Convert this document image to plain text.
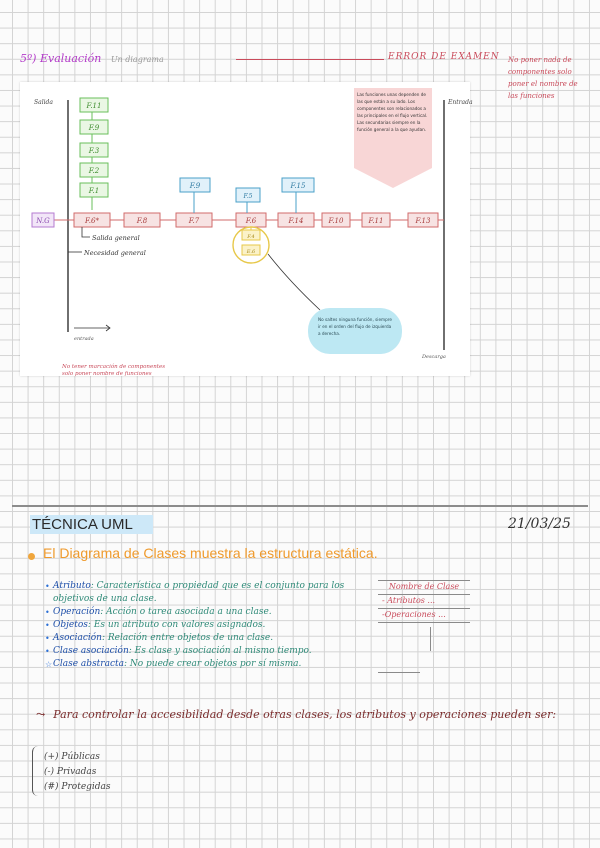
5º) Evaluación Un diagrama	ERROR DE EXAMEN No poner nada de componentes solo poner el nombre de las funciones
Salida	Entrada
F.11
F.9
F.3
F.2
F.1
N.G	F.6*	F.8	F.7	F.6	F.14	F.10	F.11	F.13
F.9
F.5
F.15
F.4
E.6
Salida general
Necesidad general
entrada
Descarga
Las funciones unas dependen de las que están a su lado. Los componentes son relacionados a las principales en el flujo vertical. Las secundarias siempre en la función general a la que ayudan.
No saltes ninguna función, siempre ir en el orden del flujo de izquierda a derecha.
No tener marcación de componentes
solo poner nombre de funciones
TÉCNICA UML	21/03/25
El Diagrama de Clases muestra la estructura estática.
• Atributo: Característica o propiedad que es el conjunto para los objetivos de una clase.
• Operación: Acción o tarea asociada a una clase.
• Objetos: Es un atributo con valores asignados.
• Asociación: Relación entre objetos de una clase.
• Clase asociación: Es clase y asociación al mismo tiempo.
☆ Clase abstracta: No puede crear objetos por sí misma.
Nombre de Clase
- Atributos ...
-Operaciones ...
⤳ Para controlar la accesibilidad desde otras clases, los atributos y operaciones pueden ser:
(+) Públicas
(-) Privadas
(#) Protegidas
